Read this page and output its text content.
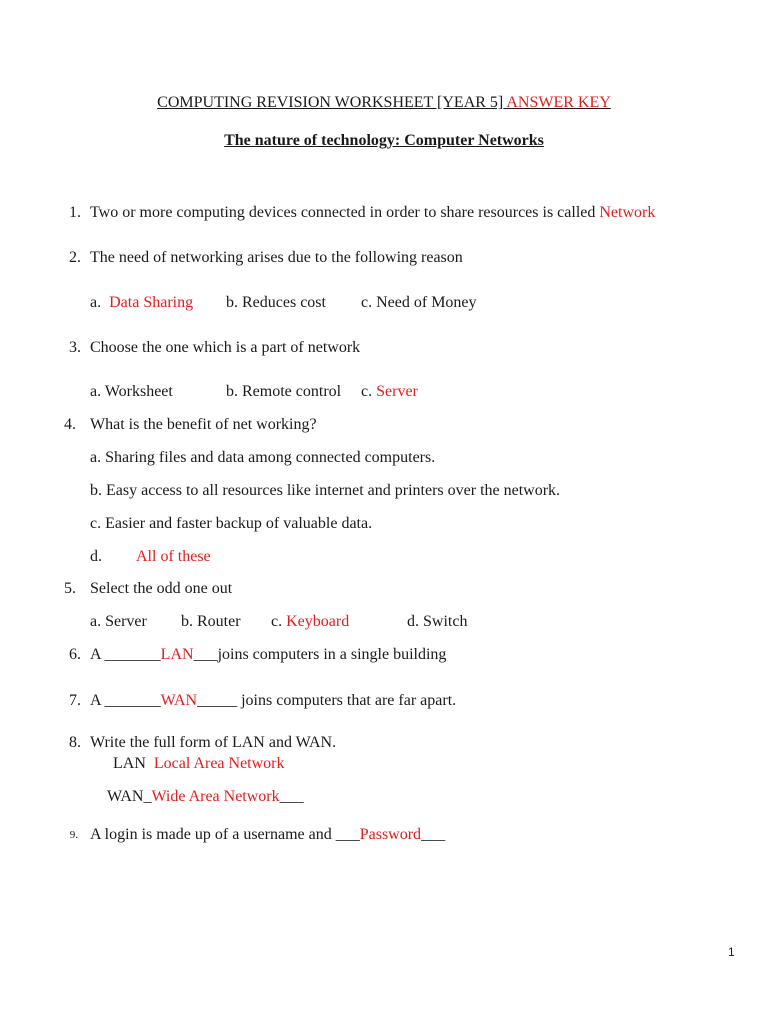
COMPUTING REVISION WORKSHEET [YEAR 5] ANSWER KEY
The nature of technology: Computer Networks
1. Two or more computing devices connected in order to share resources is called Network
2. The need of networking arises due to the following reason
a. Data Sharing b. Reduces cost c. Need of Money
3. Choose the one which is a part of network
a. Worksheet	b. Remote control c. Server
4. What is the benefit of net working?
a. Sharing files and data among connected computers.
b. Easy access to all resources like internet and printers over the network.
c. Easier and faster backup of valuable data.
d. All of these
5. Select the odd one out
a. Server b. Router c. Keyboard	d. Switch
6. A _______LAN___joins computers in a single building
7. A _______WAN_____ joins computers that are far apart.
8. Write the full form of LAN and WAN.
LAN Local Area Network
WAN_Wide Area Network___
9. A login is made up of a username and ___Password___
1
